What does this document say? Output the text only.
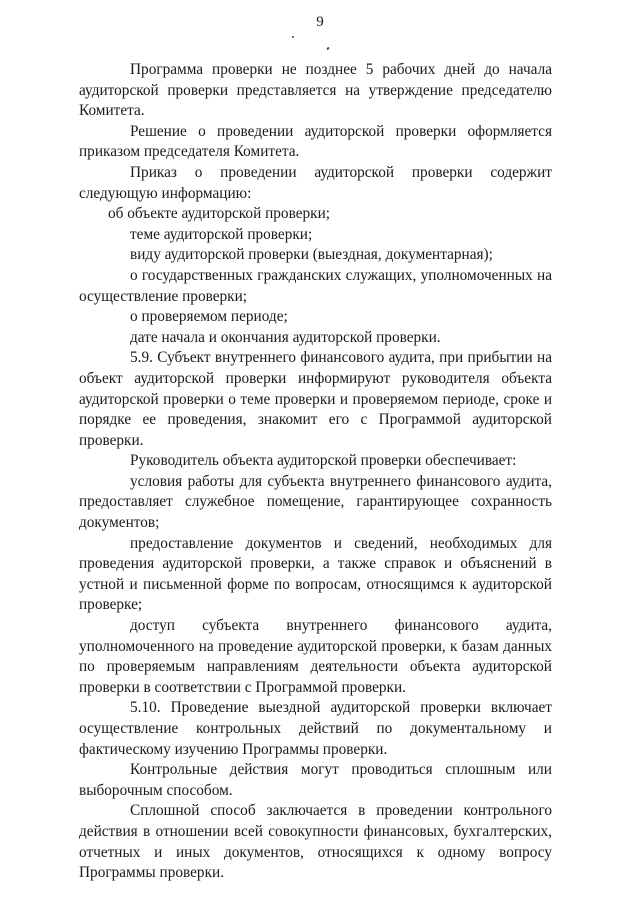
9

Программа проверки не позднее 5 рабочих дней до начала аудиторской проверки представляется на утверждение председателю Комитета.

Решение о проведении аудиторской проверки оформляется приказом председателя Комитета.

Приказ о проведении аудиторской проверки содержит следующую информацию:

об объекте аудиторской проверки;

теме аудиторской проверки;

виду аудиторской проверки (выездная, документарная);

о государственных гражданских служащих, уполномоченных на осуществление проверки;

о проверяемом периоде;

дате начала и окончания аудиторской проверки.

5.9. Субъект внутреннего финансового аудита, при прибытии на объект аудиторской проверки информируют руководителя объекта аудиторской проверки о теме проверки и проверяемом периоде, сроке и порядке ее проведения, знакомит его с Программой аудиторской проверки.

Руководитель объекта аудиторской проверки обеспечивает:

условия работы для субъекта внутреннего финансового аудита, предоставляет служебное помещение, гарантирующее сохранность документов;

предоставление документов и сведений, необходимых для проведения аудиторской проверки, а также справок и объяснений в устной и письменной форме по вопросам, относящимся к аудиторской проверке;

доступ субъекта внутреннего финансового аудита, уполномоченного на проведение аудиторской проверки, к базам данных по проверяемым направлениям деятельности объекта аудиторской проверки в соответствии с Программой проверки.

5.10. Проведение выездной аудиторской проверки включает осуществление контрольных действий по документальному и фактическому изучению Программы проверки.

Контрольные действия могут проводиться сплошным или выборочным способом.

Сплошной способ заключается в проведении контрольного действия в отношении всей совокупности финансовых, бухгалтерских, отчетных и иных документов, относящихся к одному вопросу Программы проверки.
